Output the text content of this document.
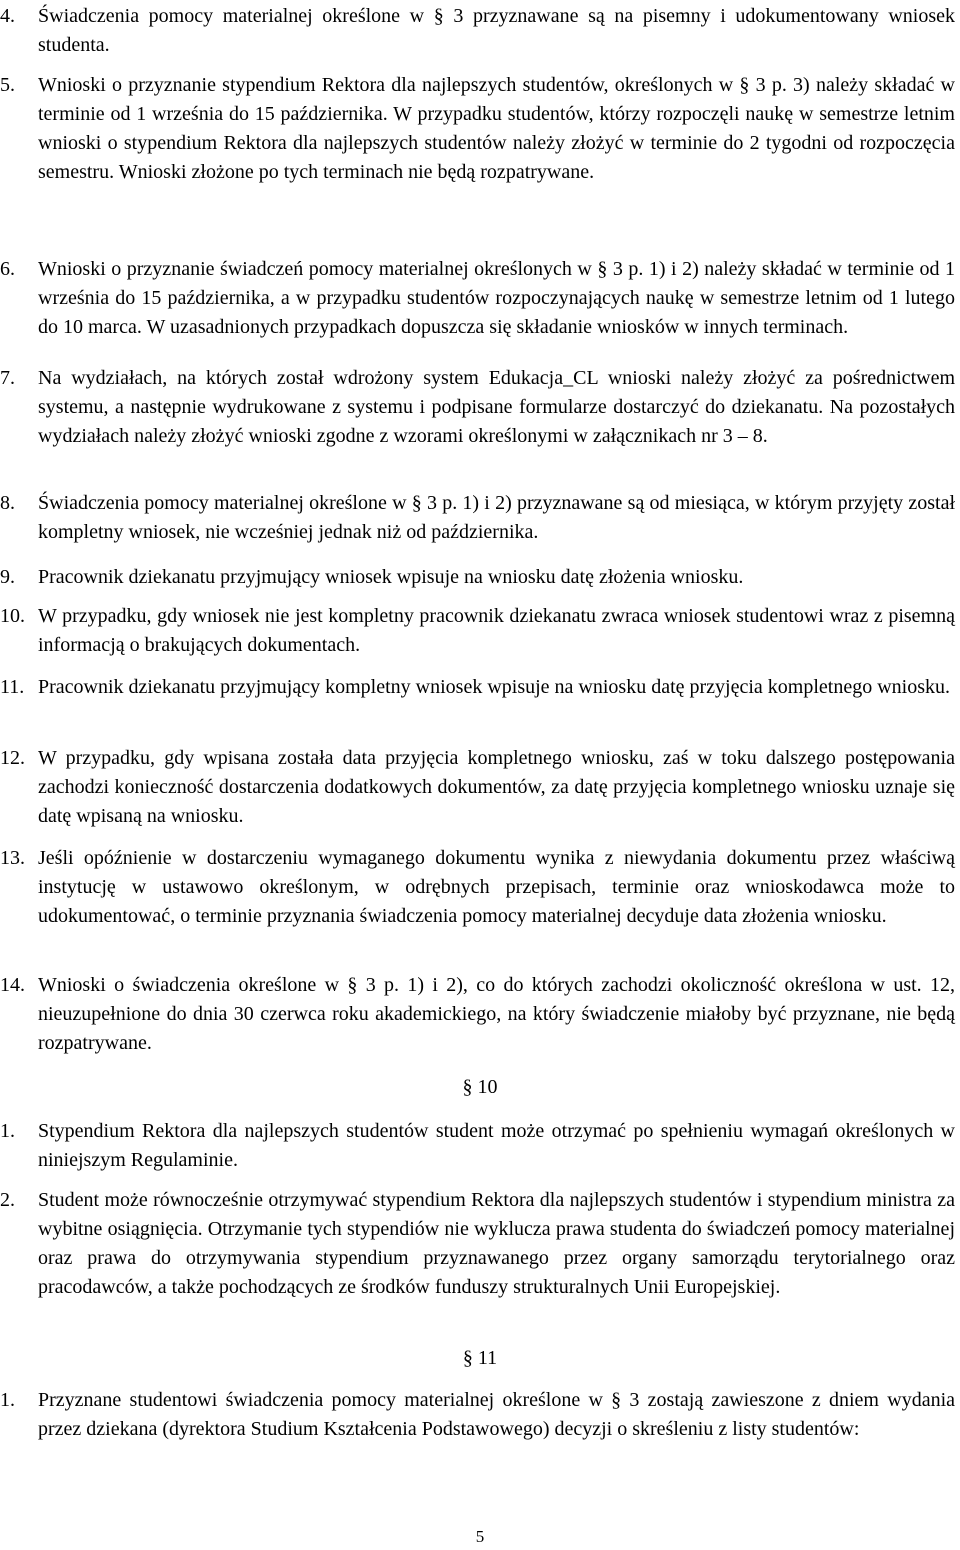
4.	Świadczenia pomocy materialnej określone w § 3 przyznawane są na pisemny i udokumentowany wniosek studenta.
5.	Wnioski o przyznanie stypendium Rektora dla najlepszych studentów, określonych w § 3 p. 3) należy składać w terminie od 1 września do 15 października. W przypadku studentów, którzy rozpoczęli naukę w semestrze letnim wnioski o stypendium Rektora dla najlepszych studentów należy złożyć w terminie do 2 tygodni od rozpoczęcia semestru. Wnioski złożone po tych terminach nie będą rozpatrywane.
6.	Wnioski o przyznanie świadczeń pomocy materialnej określonych w § 3 p. 1) i 2) należy składać w terminie od 1 września do 15 października, a w przypadku studentów rozpoczynających naukę w semestrze letnim od 1 lutego do 10 marca. W uzasadnionych przypadkach dopuszcza się składanie wniosków w innych terminach.
7.	Na wydziałach, na których został wdrożony system Edukacja_CL wnioski należy złożyć za pośrednictwem systemu, a następnie wydrukowane z systemu i podpisane formularze dostarczyć do dziekanatu. Na pozostałych wydziałach należy złożyć wnioski zgodne z wzorami określonymi w załącznikach nr 3 – 8.
8.	Świadczenia pomocy materialnej określone w § 3 p. 1) i 2) przyznawane są od miesiąca, w którym przyjęty został kompletny wniosek, nie wcześniej jednak niż od października.
9.	Pracownik dziekanatu przyjmujący wniosek wpisuje na wniosku datę złożenia wniosku.
10. W przypadku, gdy wniosek nie jest kompletny pracownik dziekanatu zwraca wniosek studentowi wraz z pisemną informacją o brakujących dokumentach.
11. Pracownik dziekanatu przyjmujący kompletny wniosek wpisuje na wniosku datę przyjęcia kompletnego wniosku.
12. W przypadku, gdy wpisana została data przyjęcia kompletnego wniosku, zaś w toku dalszego postępowania zachodzi konieczność dostarczenia dodatkowych dokumentów, za datę przyjęcia kompletnego wniosku uznaje się datę wpisaną na wniosku.
13. Jeśli opóźnienie w dostarczeniu wymaganego dokumentu wynika z niewydania dokumentu przez właściwą instytucję w ustawowo określonym, w odrębnych przepisach, terminie oraz wnioskodawca może to udokumentować, o terminie przyznania świadczenia pomocy materialnej decyduje data złożenia wniosku.
14. Wnioski o świadczenia określone w § 3 p. 1) i 2), co do których zachodzi okoliczność określona w ust. 12, nieuzupełnione do dnia 30 czerwca roku akademickiego, na który świadczenie miałoby być przyznane, nie będą rozpatrywane.
§ 10
1.	Stypendium Rektora dla najlepszych studentów student może otrzymać po spełnieniu wymagań określonych w niniejszym Regulaminie.
2.	Student może równocześnie otrzymywać stypendium Rektora dla najlepszych studentów i stypendium ministra za wybitne osiągnięcia. Otrzymanie tych stypendiów nie wyklucza prawa studenta do świadczeń pomocy materialnej oraz prawa do otrzymywania stypendium przyznawanego przez organy samorządu terytorialnego oraz pracodawców, a także pochodzących ze środków funduszy strukturalnych Unii Europejskiej.
§ 11
1.	Przyznane studentowi świadczenia pomocy materialnej określone w § 3 zostają zawieszone z dniem wydania przez dziekana (dyrektora Studium Kształcenia Podstawowego) decyzji o skreśleniu z listy studentów:
5
